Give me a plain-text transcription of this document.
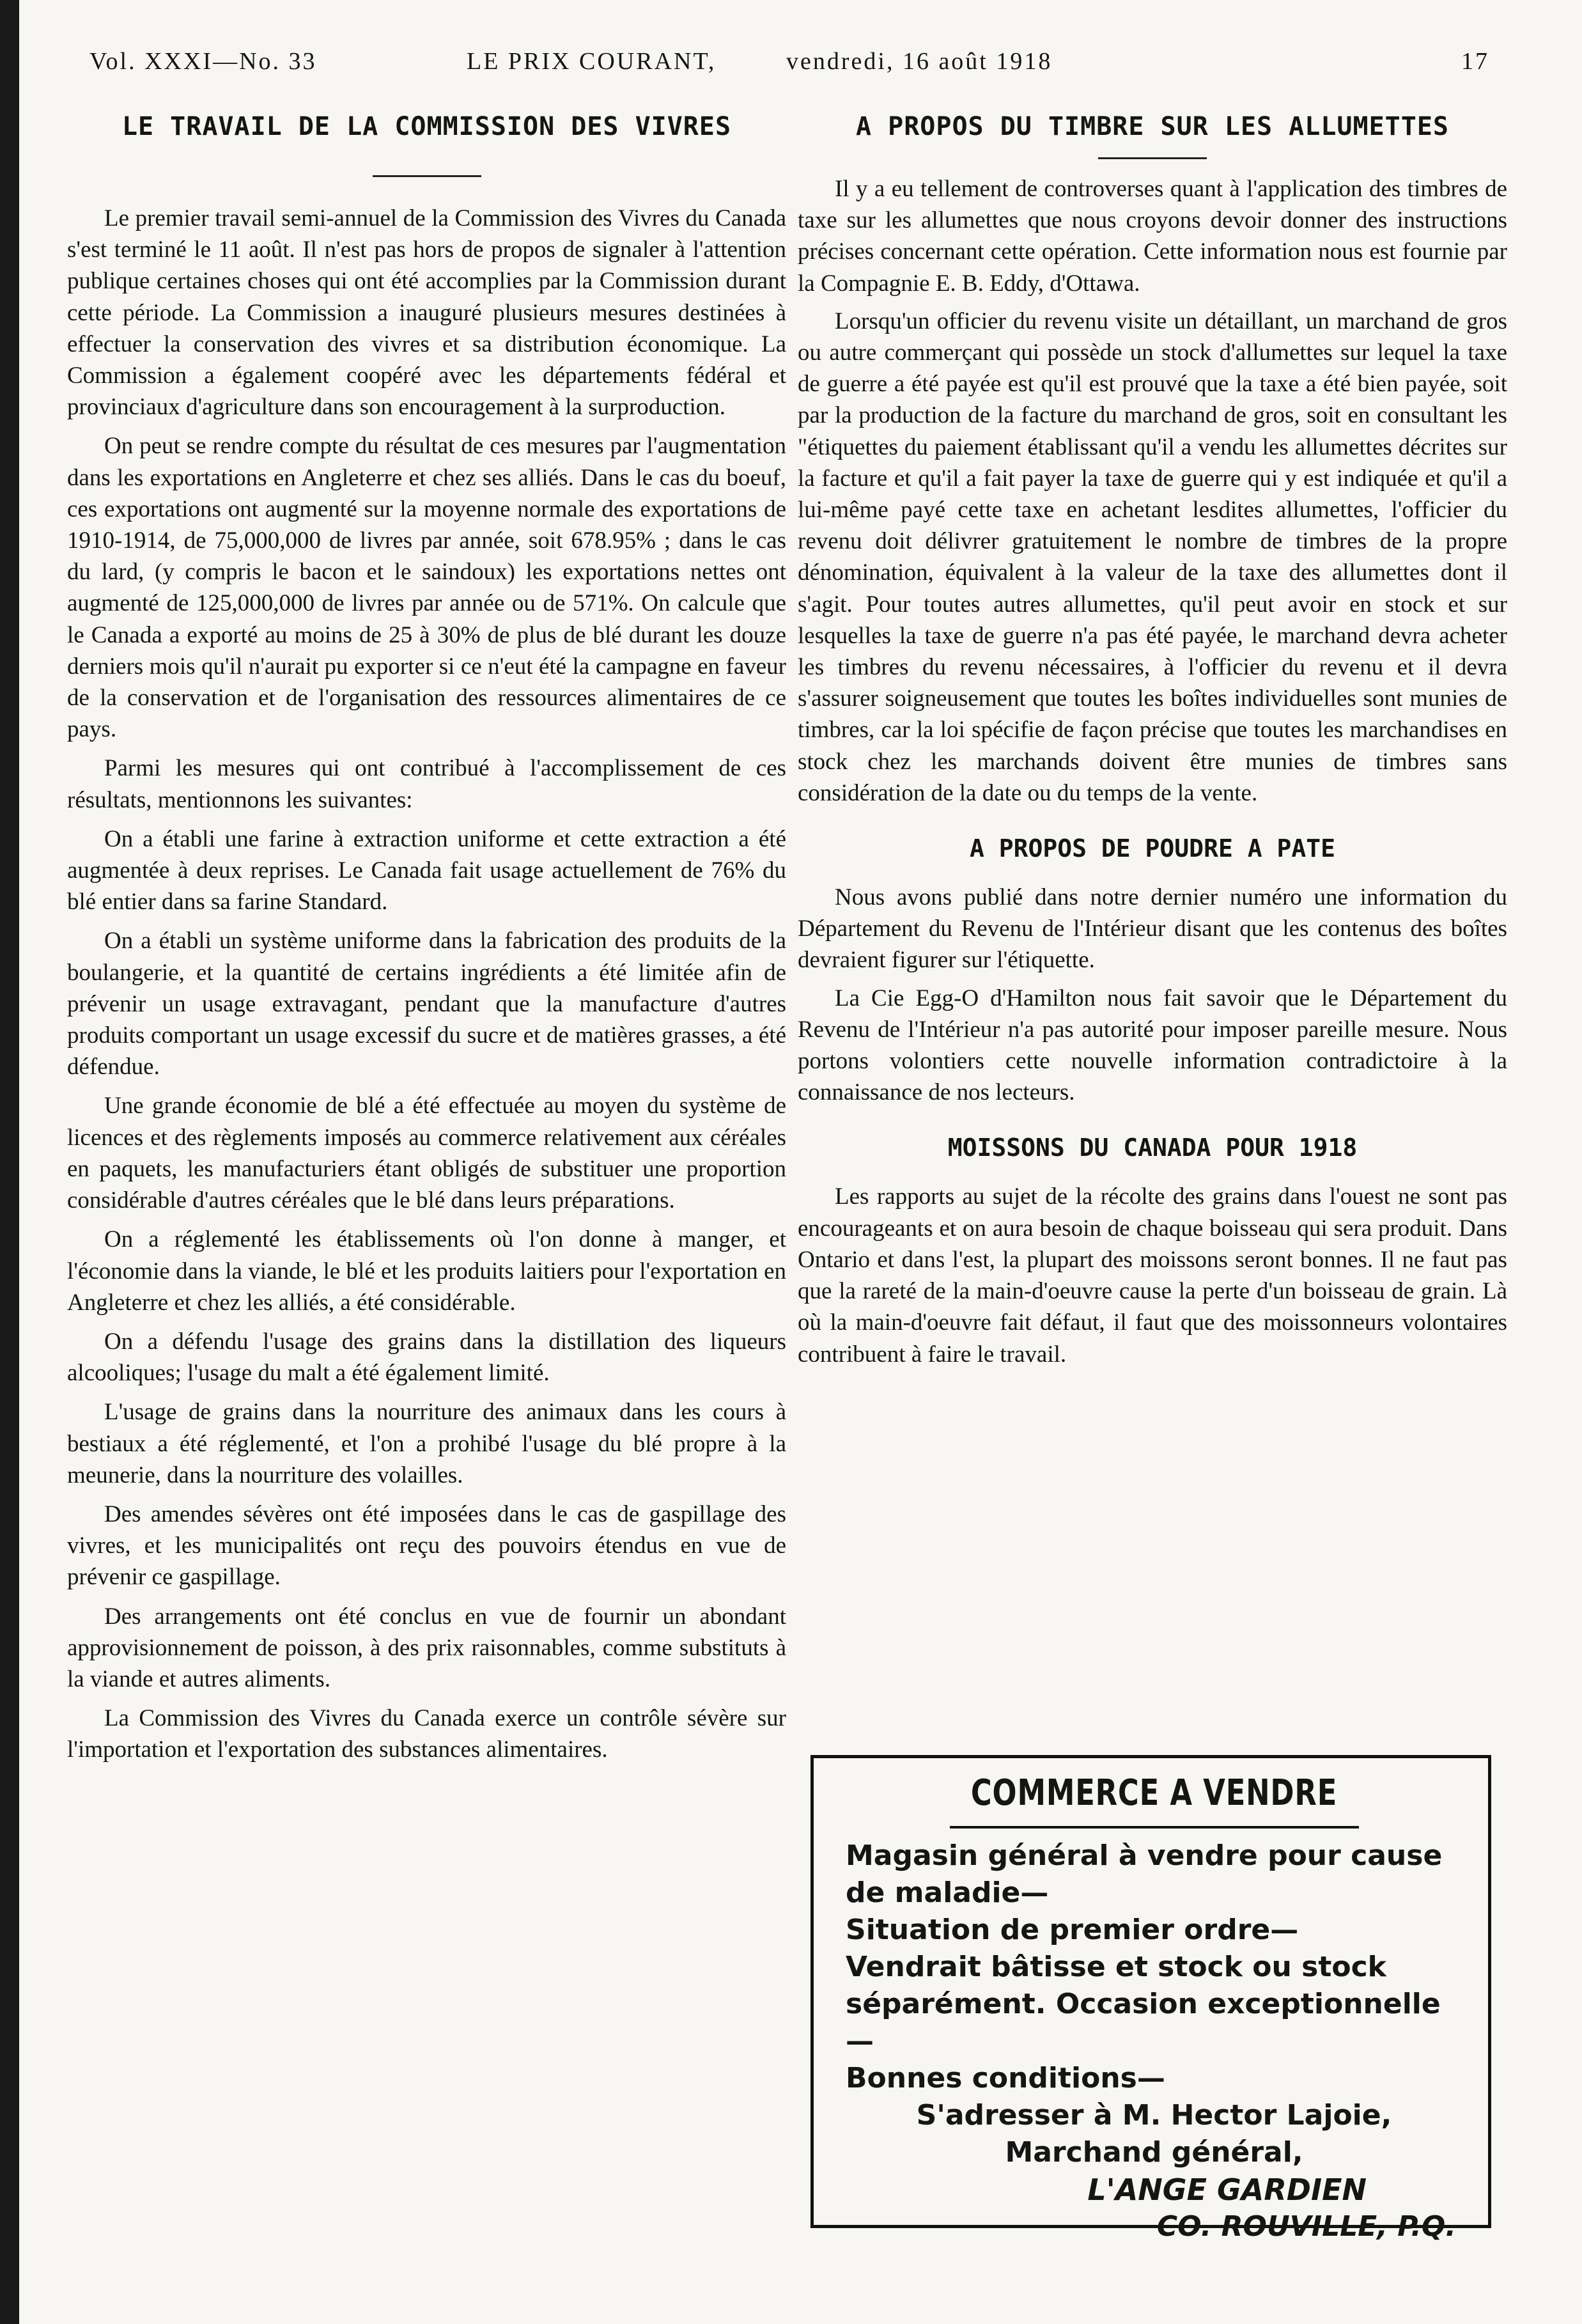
Vol. XXXI—No. 33	LE PRIX COURANT,	vendredi, 16 août 1918	17
LE TRAVAIL DE LA COMMISSION DES VIVRES

Le premier travail semi-annuel de la Commission des Vivres du Canada s'est terminé le 11 août. Il n'est pas hors de propos de signaler à l'attention publique certaines choses qui ont été accomplies par la Commission durant cette période. La Commission a inauguré plusieurs mesures destinées à effectuer la conservation des vivres et sa distribution économique. La Commission a également coopéré avec les départements fédéral et provinciaux d'agriculture dans son encouragement à la surproduction.

On peut se rendre compte du résultat de ces mesures par l'augmentation dans les exportations en Angleterre et chez ses alliés. Dans le cas du boeuf, ces exportations ont augmenté sur la moyenne normale des exportations de 1910-1914, de 75,000,000 de livres par année, soit 678.95% ; dans le cas du lard, (y compris le bacon et le saindoux) les exportations nettes ont augmenté de 125,000,000 de livres par année ou de 571%. On calcule que le Canada a exporté au moins de 25 à 30% de plus de blé durant les douze derniers mois qu'il n'aurait pu exporter si ce n'eut été la campagne en faveur de la conservation et de l'organisation des ressources alimentaires de ce pays.

Parmi les mesures qui ont contribué à l'accomplissement de ces résultats, mentionnons les suivantes:

On a établi une farine à extraction uniforme et cette extraction a été augmentée à deux reprises. Le Canada fait usage actuellement de 76% du blé entier dans sa farine Standard.

On a établi un système uniforme dans la fabrication des produits de la boulangerie, et la quantité de certains ingrédients a été limitée afin de prévenir un usage extravagant, pendant que la manufacture d'autres produits comportant un usage excessif du sucre et de matières grasses, a été défendue.

Une grande économie de blé a été effectuée au moyen du système de licences et des règlements imposés au commerce relativement aux céréales en paquets, les manufacturiers étant obligés de substituer une proportion considérable d'autres céréales que le blé dans leurs préparations.

On a réglementé les établissements où l'on donne à manger, et l'économie dans la viande, le blé et les produits laitiers pour l'exportation en Angleterre et chez les alliés, a été considérable.

On a défendu l'usage des grains dans la distillation des liqueurs alcooliques; l'usage du malt a été également limité.

L'usage de grains dans la nourriture des animaux dans les cours à bestiaux a été réglementé, et l'on a prohibé l'usage du blé propre à la meunerie, dans la nourriture des volailles.

Des amendes sévères ont été imposées dans le cas de gaspillage des vivres, et les municipalités ont reçu des pouvoirs étendus en vue de prévenir ce gaspillage.

Des arrangements ont été conclus en vue de fournir un abondant approvisionnement de poisson, à des prix raisonnables, comme substituts à la viande et autres aliments.

La Commission des Vivres du Canada exerce un contrôle sévère sur l'importation et l'exportation des substances alimentaires.

A PROPOS DU TIMBRE SUR LES ALLUMETTES

Il y a eu tellement de controverses quant à l'application des timbres de taxe sur les allumettes que nous croyons devoir donner des instructions précises concernant cette opération. Cette information nous est fournie par la Compagnie E. B. Eddy, d'Ottawa.

Lorsqu'un officier du revenu visite un détaillant, un marchand de gros ou autre commerçant qui possède un stock d'allumettes sur lequel la taxe de guerre a été payée est qu'il est prouvé que la taxe a été bien payée, soit par la production de la facture du marchand de gros, soit en consultant les "étiquettes du paiement établissant qu'il a vendu les allumettes décrites sur la facture et qu'il a fait payer la taxe de guerre qui y est indiquée et qu'il a lui-même payé cette taxe en achetant lesdites allumettes, l'officier du revenu doit délivrer gratuitement le nombre de timbres de la propre dénomination, équivalent à la valeur de la taxe des allumettes dont il s'agit. Pour toutes autres allumettes, qu'il peut avoir en stock et sur lesquelles la taxe de guerre n'a pas été payée, le marchand devra acheter les timbres du revenu nécessaires, à l'officier du revenu et il devra s'assurer soigneusement que toutes les boîtes individuelles sont munies de timbres, car la loi spécifie de façon précise que toutes les marchandises en stock chez les marchands doivent être munies de timbres sans considération de la date ou du temps de la vente.

A PROPOS DE POUDRE A PATE

Nous avons publié dans notre dernier numéro une information du Département du Revenu de l'Intérieur disant que les contenus des boîtes devraient figurer sur l'étiquette.

La Cie Egg-O d'Hamilton nous fait savoir que le Département du Revenu de l'Intérieur n'a pas autorité pour imposer pareille mesure. Nous portons volontiers cette nouvelle information contradictoire à la connaissance de nos lecteurs.

MOISSONS DU CANADA POUR 1918

Les rapports au sujet de la récolte des grains dans l'ouest ne sont pas encourageants et on aura besoin de chaque boisseau qui sera produit. Dans Ontario et dans l'est, la plupart des moissons seront bonnes. Il ne faut pas que la rareté de la main-d'oeuvre cause la perte d'un boisseau de grain. Là où la main-d'oeuvre fait défaut, il faut que des moissonneurs volontaires contribuent à faire le travail.

COMMERCE A VENDRE

Magasin général à vendre pour cause de maladie—

Situation de premier ordre—

Vendrait bâtisse et stock ou stock séparément. Occasion exceptionnelle—

Bonnes conditions—

S'adresser à M. Hector Lajoie,

Marchand général,

L'ANGE GARDIEN

CO. ROUVILLE, P.Q.
